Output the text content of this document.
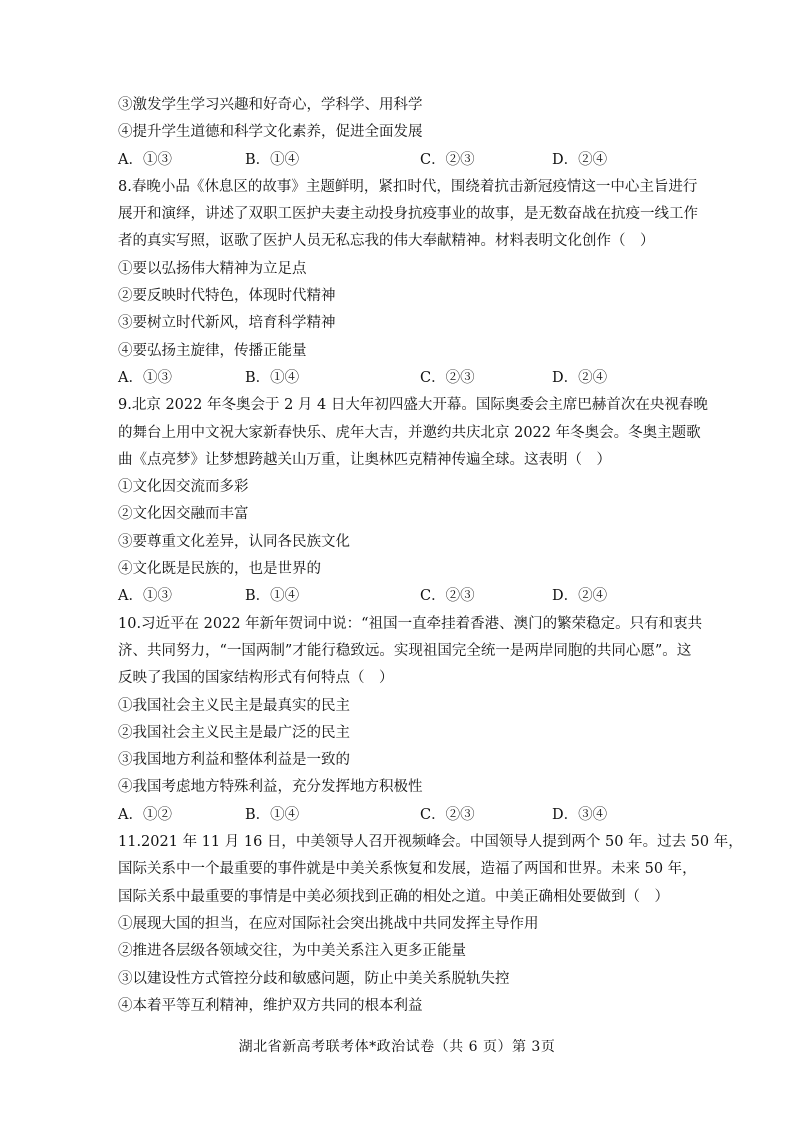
③激发学生学习兴趣和好奇心，学科学、用科学
④提升学生道德和科学文化素养，促进全面发展
A．①③	B．①④	C．②③	D．②④
8.春晚小品《休息区的故事》主题鲜明，紧扣时代，围绕着抗击新冠疫情这一中心主旨进行
展开和演绎，讲述了双职工医护夫妻主动投身抗疫事业的故事，是无数奋战在抗疫一线工作
者的真实写照，讴歌了医护人员无私忘我的伟大奉献精神。材料表明文化创作（　）
①要以弘扬伟大精神为立足点
②要反映时代特色，体现时代精神
③要树立时代新风，培育科学精神
④要弘扬主旋律，传播正能量
A．①③	B．①④	C．②③	D．②④
9.北京 2022 年冬奥会于 2 月 4 日大年初四盛大开幕。国际奥委会主席巴赫首次在央视春晚
的舞台上用中文祝大家新春快乐、虎年大吉，并邀约共庆北京 2022 年冬奥会。冬奥主题歌
曲《点亮梦》让梦想跨越关山万重，让奥林匹克精神传遍全球。这表明（　）
①文化因交流而多彩
②文化因交融而丰富
③要尊重文化差异，认同各民族文化
④文化既是民族的，也是世界的
A．①③	B．①④	C．②③	D．②④
10.习近平在 2022 年新年贺词中说：“祖国一直牵挂着香港、澳门的繁荣稳定。只有和衷共
济、共同努力，“一国两制”才能行稳致远。实现祖国完全统一是两岸同胞的共同心愿”。这
反映了我国的国家结构形式有何特点（　）
①我国社会主义民主是最真实的民主
②我国社会主义民主是最广泛的民主
③我国地方利益和整体利益是一致的
④我国考虑地方特殊利益，充分发挥地方积极性
A．①②	B．①④	C．②③	D．③④
11.2021 年 11 月 16 日，中美领导人召开视频峰会。中国领导人提到两个 50 年。过去 50 年，
国际关系中一个最重要的事件就是中美关系恢复和发展，造福了两国和世界。未来 50 年，
国际关系中最重要的事情是中美必须找到正确的相处之道。中美正确相处要做到（　）
①展现大国的担当，在应对国际社会突出挑战中共同发挥主导作用
②推进各层级各领域交往，为中美关系注入更多正能量
③以建设性方式管控分歧和敏感问题，防止中美关系脱轨失控
④本着平等互利精神，维护双方共同的根本利益
湖北省新高考联考体*政治试卷（共 6 页）第 3页
